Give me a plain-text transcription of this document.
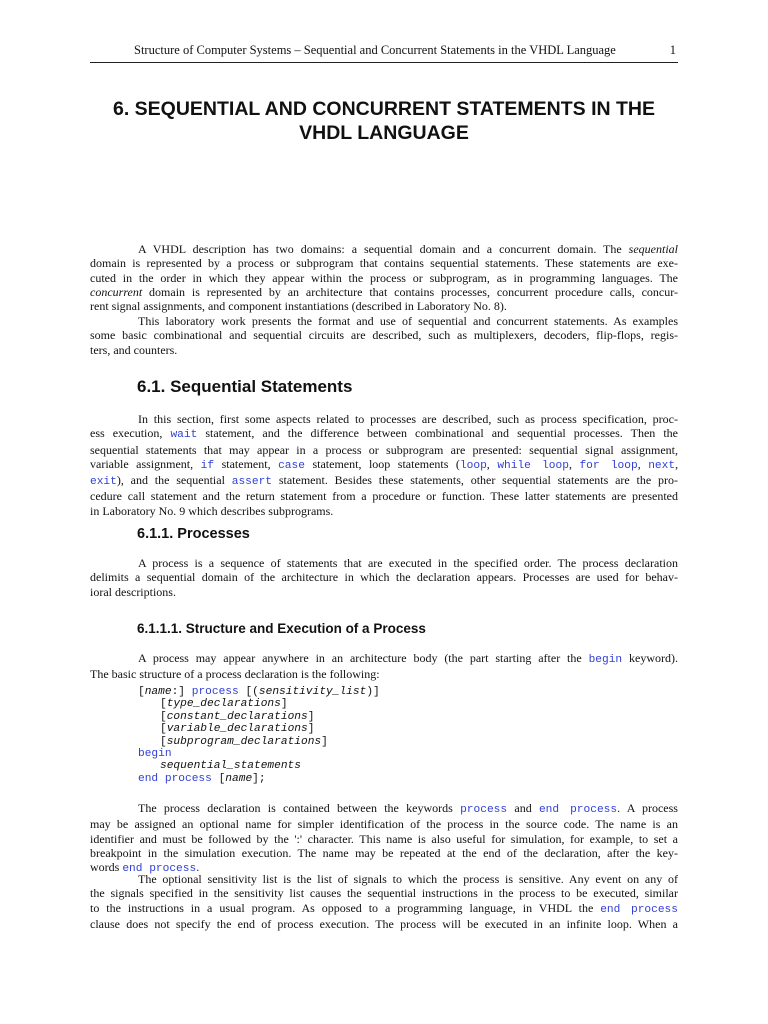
Structure of Computer Systems – Sequential and Concurrent Statements in the VHDL Language	1
6. SEQUENTIAL AND CONCURRENT STATEMENTS IN THE
VHDL LANGUAGE
A VHDL description has two domains: a sequential domain and a concurrent domain. The sequential
domain is represented by a process or subprogram that contains sequential statements. These statements are exe-
cuted in the order in which they appear within the process or subprogram, as in programming languages. The
concurrent domain is represented by an architecture that contains processes, concurrent procedure calls, concur-
rent signal assignments, and component instantiations (described in Laboratory No. 8).
This laboratory work presents the format and use of sequential and concurrent statements. As examples
some basic combinational and sequential circuits are described, such as multiplexers, decoders, flip-flops, regis-
ters, and counters.
6.1. Sequential Statements
In this section, first some aspects related to processes are described, such as process specification, proc-
ess execution, wait statement, and the difference between combinational and sequential processes. Then the
sequential statements that may appear in a process or subprogram are presented: sequential signal assignment,
variable assignment, if statement, case statement, loop statements (loop, while loop, for loop, next,
exit), and the sequential assert statement. Besides these statements, other sequential statements are the pro-
cedure call statement and the return statement from a procedure or function. These latter statements are presented
in Laboratory No. 9 which describes subprograms.
6.1.1. Processes
A process is a sequence of statements that are executed in the specified order. The process declaration
delimits a sequential domain of the architecture in which the declaration appears. Processes are used for behav-
ioral descriptions.
6.1.1.1. Structure and Execution of a Process
A process may appear anywhere in an architecture body (the part starting after the begin keyword).
The basic structure of a process declaration is the following:
[name:] process [(sensitivity_list)]
[type_declarations]
[constant_declarations]
[variable_declarations]
[subprogram_declarations]
begin
sequential_statements
end process [name];
The process declaration is contained between the keywords process and end process. A process
may be assigned an optional name for simpler identification of the process in the source code. The name is an
identifier and must be followed by the ':' character. This name is also useful for simulation, for example, to set a
breakpoint in the simulation execution. The name may be repeated at the end of the declaration, after the key-
words end process.
The optional sensitivity list is the list of signals to which the process is sensitive. Any event on any of
the signals specified in the sensitivity list causes the sequential instructions in the process to be executed, similar
to the instructions in a usual program. As opposed to a programming language, in VHDL the end process
clause does not specify the end of process execution. The process will be executed in an infinite loop. When a
